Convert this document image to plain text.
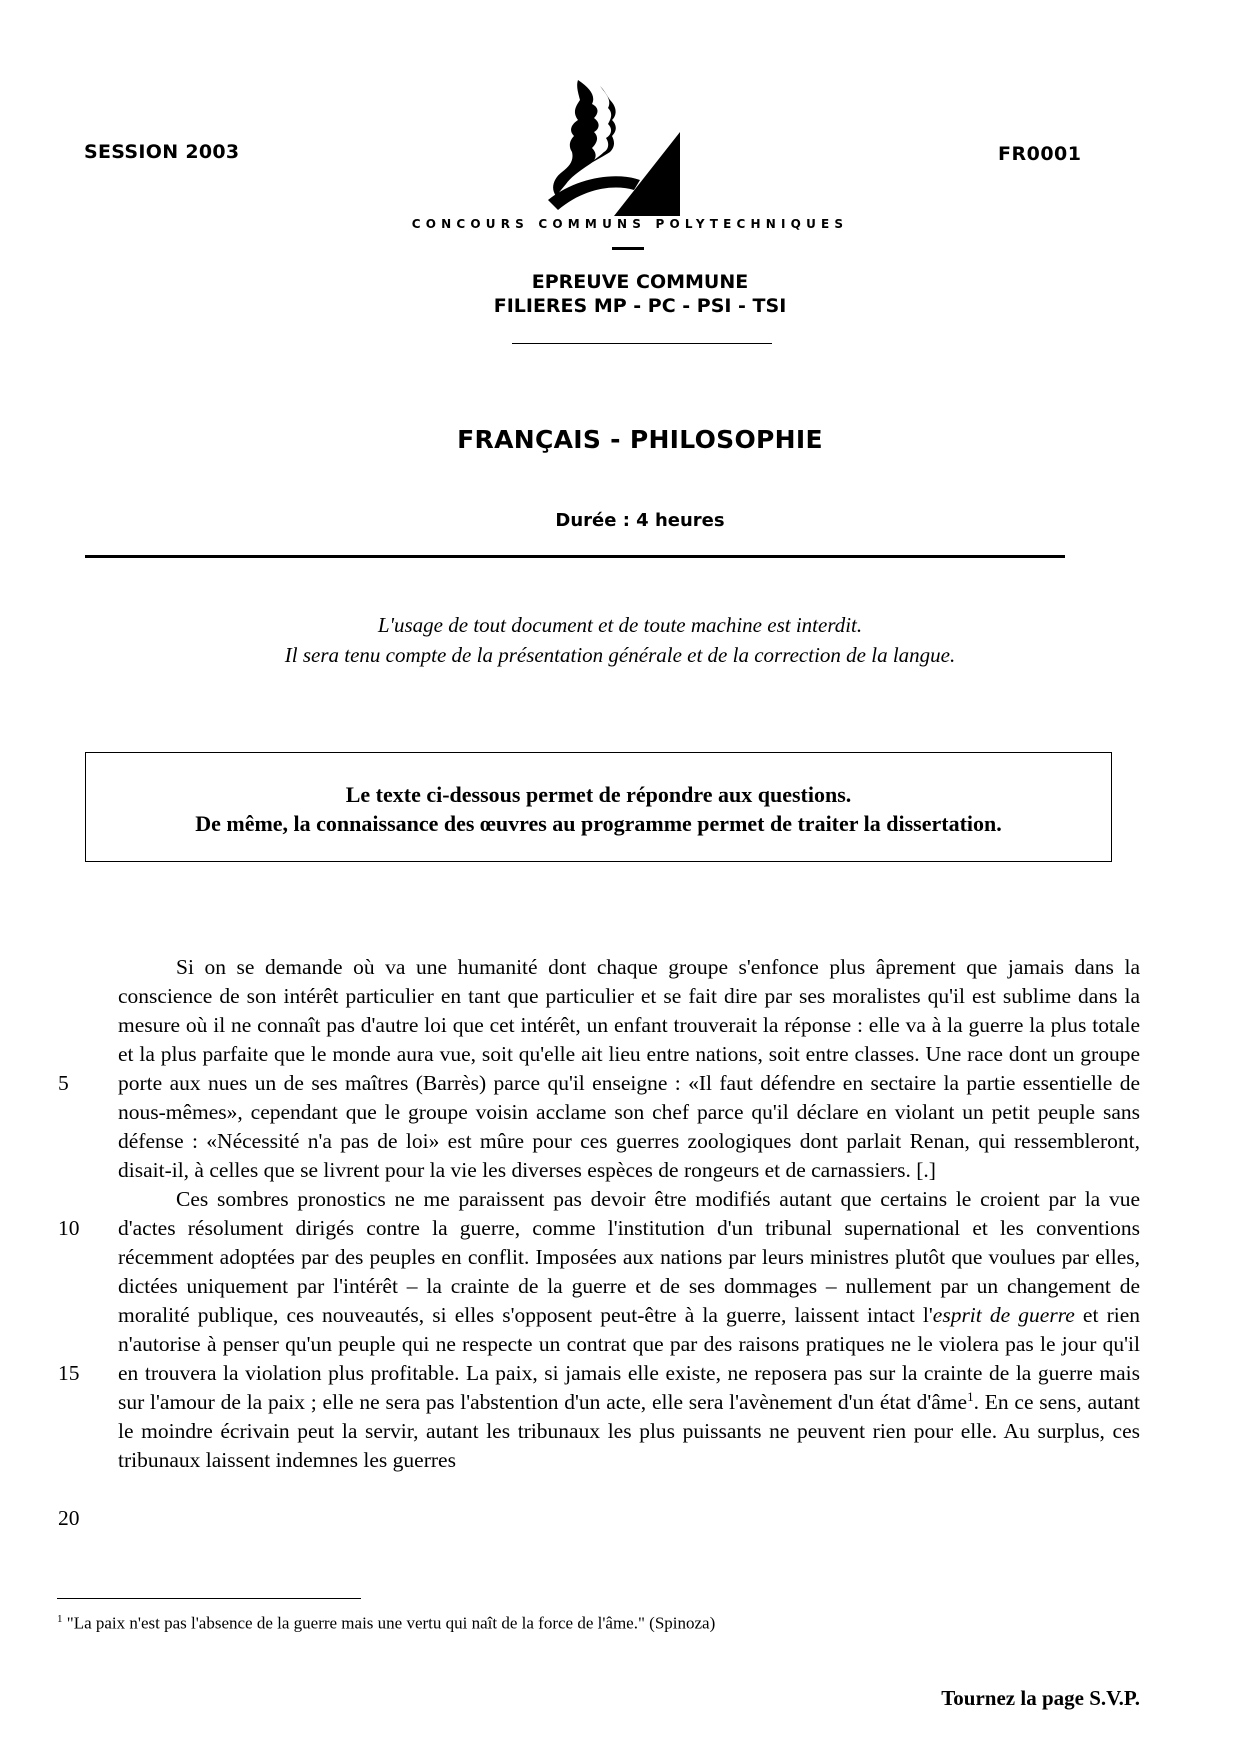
SESSION 2003	FR0001
CONCOURS COMMUNS POLYTECHNIQUES
EPREUVE COMMUNE
FILIERES MP - PC - PSI - TSI
FRANÇAIS - PHILOSOPHIE
Durée : 4 heures
L'usage de tout document et de toute machine est interdit.
Il sera tenu compte de la présentation générale et de la correction de la langue.
Le texte ci-dessous permet de répondre aux questions.
De même, la connaissance des œuvres au programme permet de traiter la dissertation.

Si on se demande où va une humanité dont chaque groupe s'enfonce plus âprement que jamais dans la conscience de son intérêt particulier en tant que particulier et se fait dire par ses moralistes qu'il est sublime dans la mesure où il ne connaît pas d'autre loi que cet intérêt, un enfant trouverait la réponse : elle va à la guerre la plus totale et la plus parfaite que le monde aura vue, soit qu'elle ait lieu entre nations, soit entre classes. Une race dont un groupe porte aux nues un de ses maîtres (Barrès) parce qu'il enseigne : «Il faut défendre en sectaire la partie essentielle de nous-mêmes», cependant que le groupe voisin acclame son chef parce qu'il déclare en violant un petit peuple sans défense : «Nécessité n'a pas de loi» est mûre pour ces guerres zoologiques dont parlait Renan, qui ressembleront, disait-il, à celles que se livrent pour la vie les diverses espèces de rongeurs et de carnassiers. [.]

Ces sombres pronostics ne me paraissent pas devoir être modifiés autant que certains le croient par la vue d'actes résolument dirigés contre la guerre, comme l'institution d'un tribunal supernational et les conventions récemment adoptées par des peuples en conflit. Imposées aux nations par leurs ministres plutôt que voulues par elles, dictées uniquement par l'intérêt – la crainte de la guerre et de ses dommages – nullement par un changement de moralité publique, ces nouveautés, si elles s'opposent peut-être à la guerre, laissent intact l'esprit de guerre et rien n'autorise à penser qu'un peuple qui ne respecte un contrat que par des raisons pratiques ne le violera pas le jour qu'il en trouvera la violation plus profitable. La paix, si jamais elle existe, ne reposera pas sur la crainte de la guerre mais sur l'amour de la paix ; elle ne sera pas l'abstention d'un acte, elle sera l'avènement d'un état d'âme$^1$. En ce sens, autant le moindre écrivain peut la servir, autant les tribunaux les plus puissants ne peuvent rien pour elle. Au surplus, ces tribunaux laissent indemnes les guerres

5
10
15
20
$^1$ "La paix n'est pas l'absence de la guerre mais une vertu qui naît de la force de l'âme." (Spinoza)
Tournez la page S.V.P.
